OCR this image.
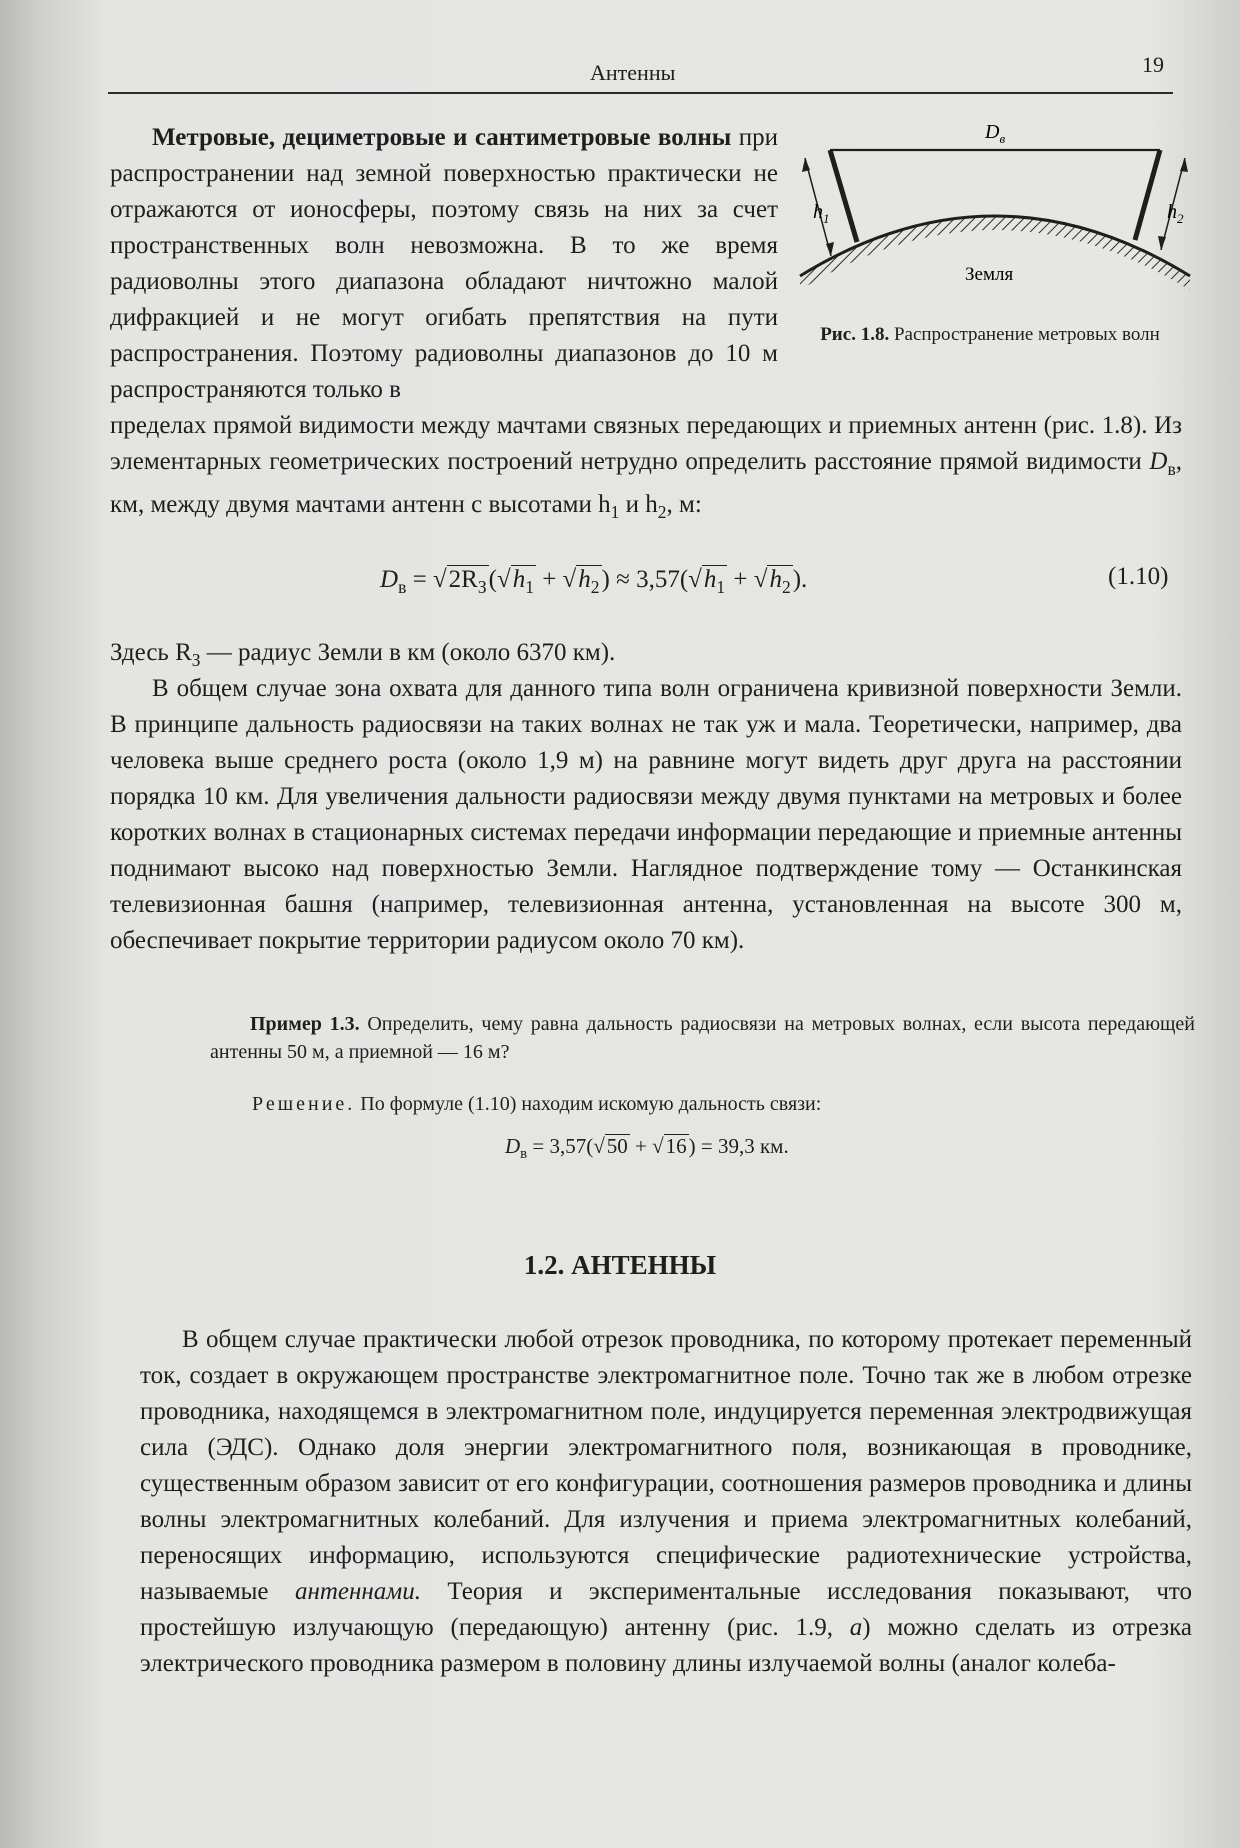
Антенны	19
$D_в$
$h_1$	$h_2$
Земля
Рис. 1.8. Распространение метровых волн

Метровые, дециметровые и сантиметровые волны при распространении над земной поверхностью практически не отражаются от ионосферы, поэтому связь на них за счет пространственных волн невозможна. В то же время радиоволны этого диапазона обладают ничтожно малой дифракцией и не могут огибать препятствия на пути распространения. Поэтому радиоволны диапазонов до 10 м распространяются только в

пределах прямой видимости между мачтами связных передающих и приемных антенн (рис. 1.8). Из элементарных геометрических построений нетрудно определить расстояние прямой видимости $D_в$, км, между двумя мачтами антенн с высотами $h_1$ и $h_2$, м:

$D_в = √2R_З(√h_1 + √h_2) \approx 3,57(√h_1 + √h_2)$.	(1.10)

Здесь $R_З$ — радиус Земли в км (около 6370 км).

В общем случае зона охвата для данного типа волн ограничена кривизной поверхности Земли. В принципе дальность радиосвязи на таких волнах не так уж и мала. Теоретически, например, два человека выше среднего роста (около 1,9 м) на равнине могут видеть друг друга на расстоянии порядка 10 км. Для увеличения дальности радиосвязи между двумя пунктами на метровых и более коротких волнах в стационарных системах передачи информации передающие и приемные антенны поднимают высоко над поверхностью Земли. Наглядное подтверждение тому — Останкинская телевизионная башня (например, телевизионная антенна, установленная на высоте 300 м, обеспечивает покрытие территории радиусом около 70 км).

Пример 1.3. Определить, чему равна дальность радиосвязи на метровых волнах, если высота передающей антенны 50 м, а приемной — 16 м?

Решение. По формуле (1.10) находим искомую дальность связи:

$D_в = 3,57(√50 + √16) = 39,3$ км.
1.2. АНТЕННЫ

В общем случае практически любой отрезок проводника, по которому протекает переменный ток, создает в окружающем пространстве электромагнитное поле. Точно так же в любом отрезке проводника, находящемся в электромагнитном поле, индуцируется переменная электродвижущая сила (ЭДС). Однако доля энергии электромагнитного поля, возникающая в проводнике, существенным образом зависит от его конфигурации, соотношения размеров проводника и длины волны электромагнитных колебаний. Для излучения и приема электромагнитных колебаний, переносящих информацию, используются специфические радиотехнические устройства, называемые антеннами. Теория и экспериментальные исследования показывают, что простейшую излучающую (передающую) антенну (рис. 1.9, а) можно сделать из отрезка электрического проводника размером в половину длины излучаемой волны (аналог колеба-
